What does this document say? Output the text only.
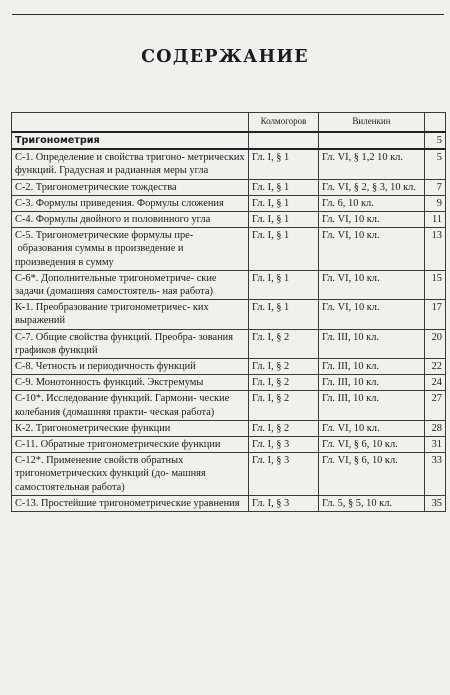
СОДЕРЖАНИЕ
	Колмогоров	Виленкин	
Тригонометрия			5
С-1. Определение и свойства тригоно- метрических функций. Градусная и радианная меры угла	Гл. I, § 1	Гл. VI, § 1,2 10 кл.	5
С-2. Тригонометрические тождества	Гл. I, § 1	Гл. VI, § 2, § 3, 10 кл.	7
С-3. Формулы приведения. Формулы сложения	Гл. I, § 1	Гл. 6, 10 кл.	9
С-4. Формулы двойного и половинного угла	Гл. I, § 1	Гл. VI, 10 кл.	11
С-5. Тригонометрические формулы пре- образования суммы в произведение и произведения в сумму	Гл. I, § 1	Гл. VI, 10 кл.	13
С-6*. Дополнительные тригонометриче- ские задачи (домашняя самостоятель- ная работа)	Гл. I, § 1	Гл. VI, 10 кл.	15
К-1. Преобразование тригонометричес- ких выражений	Гл. I, § 1	Гл. VI, 10 кл.	17
С-7. Общие свойства функций. Преобра- зования графиков функций	Гл. I, § 2	Гл. III, 10 кл.	20
С-8. Четность и периодичность функций	Гл. I, § 2	Гл. III, 10 кл.	22
С-9. Монотонность функций. Экстремумы	Гл. I, § 2	Гл. III, 10 кл.	24
С-10*. Исследование функций. Гармони- ческие колебания (домашняя практи- ческая работа)	Гл. I, § 2	Гл. III, 10 кл.	27
К-2. Тригонометрические функции	Гл. I, § 2	Гл. VI, 10 кл.	28
С-11. Обратные тригонометрические функции	Гл. I, § 3	Гл. VI, § 6, 10 кл.	31
С-12*. Применение свойств обратных тригонометрических функций (до- машняя самостоятельная работа)	Гл. I, § 3	Гл. VI, § 6, 10 кл.	33
С-13. Простейшие тригонометрические уравнения	Гл. I, § 3	Гл. 5, § 5, 10 кл.	35
